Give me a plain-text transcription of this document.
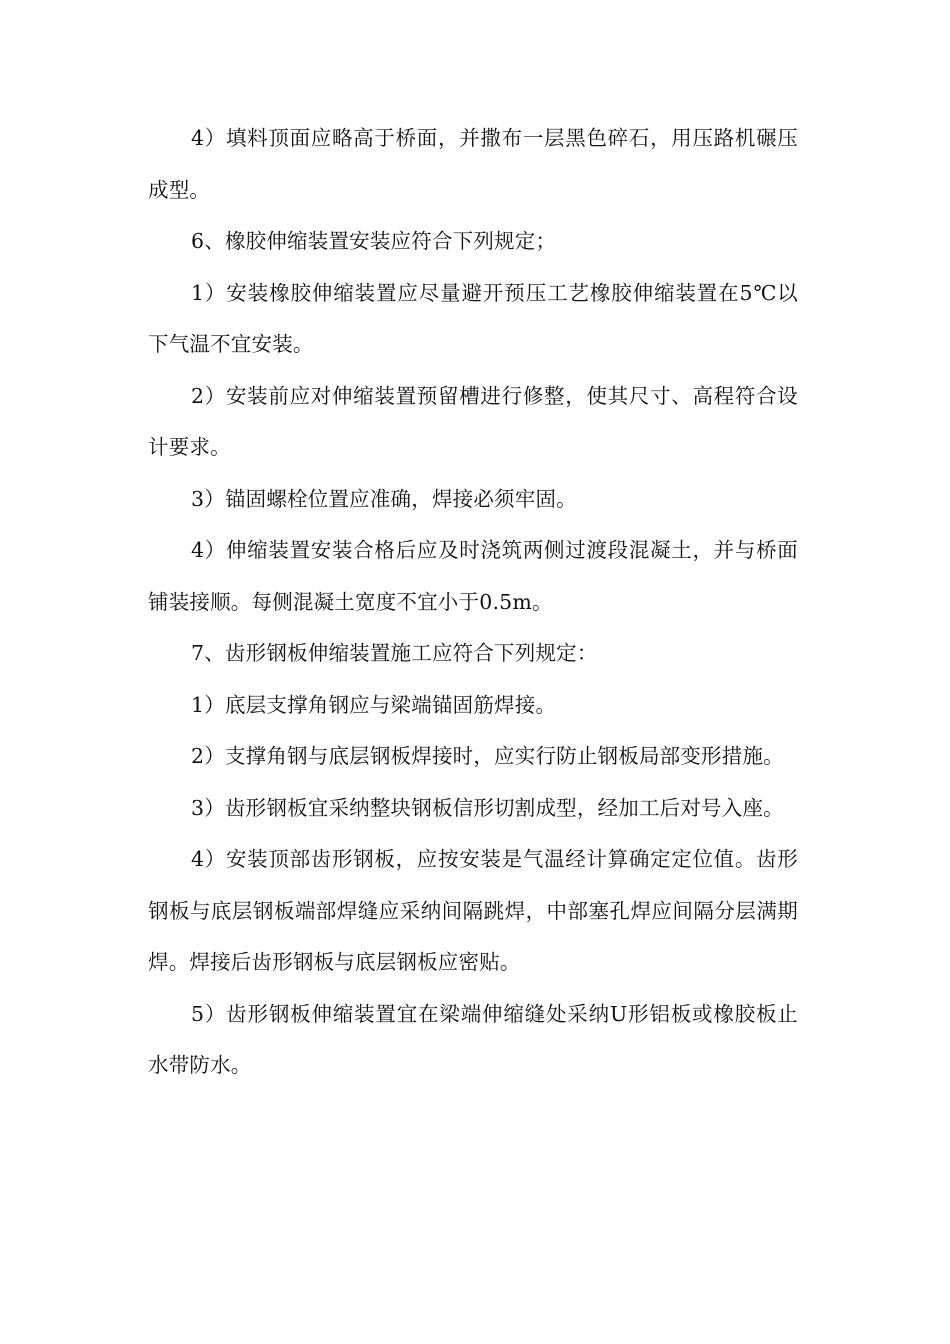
4）填料顶面应略高于桥面，并撒布一层黑色碎石，用压路机碾压成型。

6、橡胶伸缩装置安装应符合下列规定；

1）安装橡胶伸缩装置应尽量避开预压工艺橡胶伸缩装置在5℃以下气温不宜安装。

2）安装前应对伸缩装置预留槽进行修整，使其尺寸、高程符合设计要求。

3）锚固螺栓位置应准确，焊接必须牢固。

4）伸缩装置安装合格后应及时浇筑两侧过渡段混凝土，并与桥面铺装接顺。每侧混凝土宽度不宜小于0.5m。

7、齿形钢板伸缩装置施工应符合下列规定：

1）底层支撑角钢应与梁端锚固筋焊接。

2）支撑角钢与底层钢板焊接时，应实行防止钢板局部变形措施。

3）齿形钢板宜采纳整块钢板信形切割成型，经加工后对号入座。

4）安装顶部齿形钢板，应按安装是气温经计算确定定位值。齿形钢板与底层钢板端部焊缝应采纳间隔跳焊，中部塞孔焊应间隔分层满期焊。焊接后齿形钢板与底层钢板应密贴。

5）齿形钢板伸缩装置宜在梁端伸缩缝处采纳U形铝板或橡胶板止水带防水。
